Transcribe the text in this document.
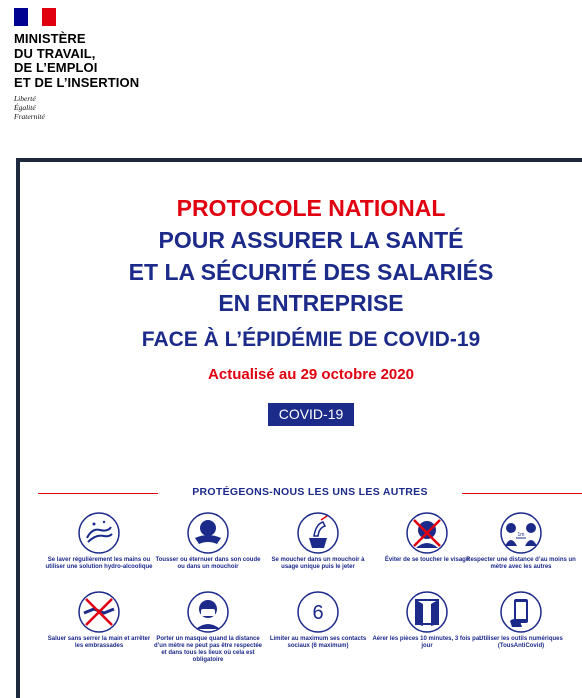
MINISTÈRE
DU TRAVAIL,
DE L’EMPLOI
ET DE L’INSERTION
Liberté
Égalité
Fraternité
PROTOCOLE NATIONAL
POUR ASSURER LA SANTÉ
ET LA SÉCURITÉ DES SALARIÉS
EN ENTREPRISE
FACE À L’ÉPIDÉMIE DE COVID-19
Actualisé au 29 octobre 2020
COVID-19
PROTÉGEONS-NOUS LES UNS LES AUTRES
Se laver régulièrement les mains ou utiliser une solution hydro-alcoolique
Tousser ou éternuer dans son coude ou dans un mouchoir
Se moucher dans un mouchoir à usage unique puis le jeter
Éviter de se toucher le visage
1m
Respecter une distance d’au moins un mètre avec les autres
Saluer sans serrer la main et arrêter les embrassades
Porter un masque quand la distance d’un mètre ne peut pas être respectée et dans tous les lieux où cela est obligatoire
6
Limiter au maximum ses contacts sociaux (6 maximum)
Aérer les pièces 10 minutes, 3 fois par jour
Utiliser les outils numériques (TousAntiCovid)
